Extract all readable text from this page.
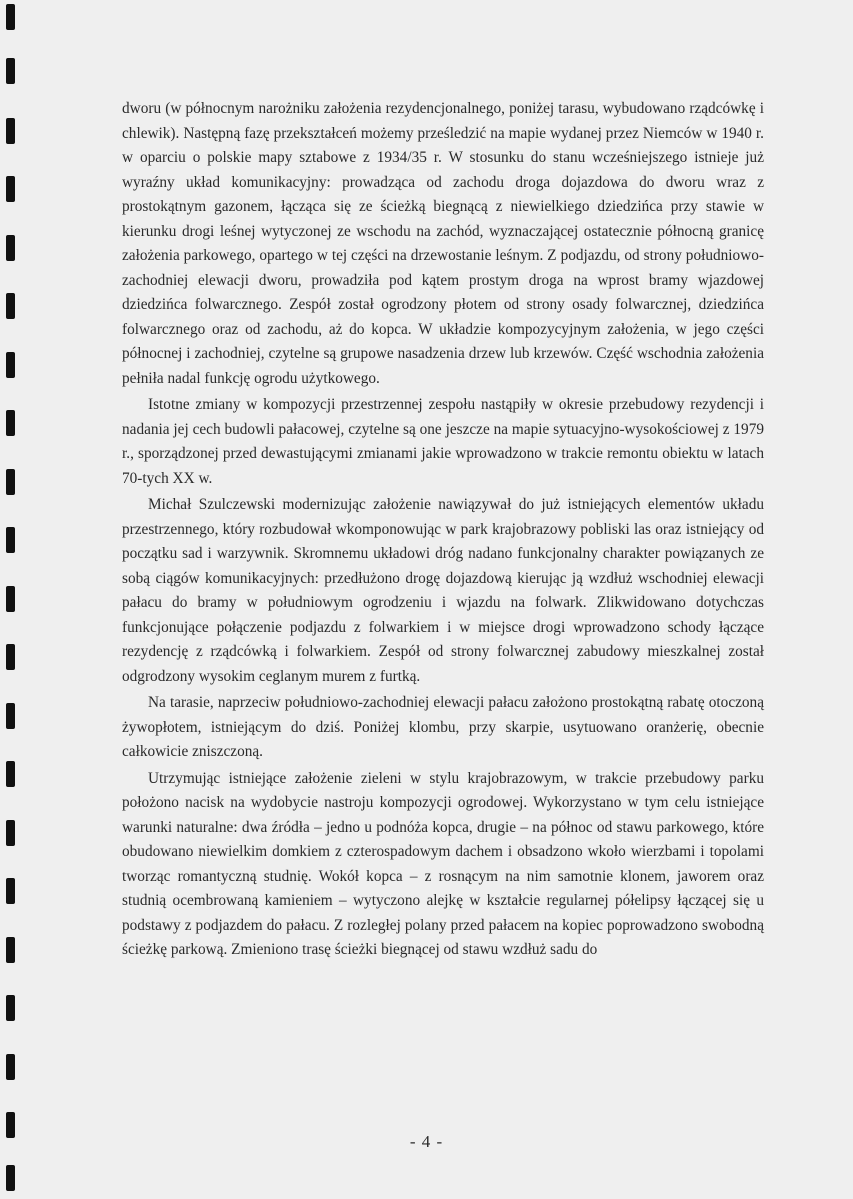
dworu (w północnym narożniku założenia rezydencjonalnego, poniżej tarasu, wybudowano rządcówkę i chlewik). Następną fazę przekształceń możemy prześledzić na mapie wydanej przez Niemców w 1940 r. w oparciu o polskie mapy sztabowe z 1934/35 r. W stosunku do stanu wcześniejszego istnieje już wyraźny układ komunikacyjny: prowadząca od zachodu droga dojazdowa do dworu wraz z prostokątnym gazonem, łącząca się ze ścieżką biegnącą z niewielkiego dziedzińca przy stawie w kierunku drogi leśnej wytyczonej ze wschodu na zachód, wyznaczającej ostatecznie północną granicę założenia parkowego, opartego w tej części na drzewostanie leśnym. Z podjazdu, od strony południowo-zachodniej elewacji dworu, prowadziła pod kątem prostym droga na wprost bramy wjazdowej dziedzińca folwarcznego. Zespół został ogrodzony płotem od strony osady folwarcznej, dziedzińca folwarcznego oraz od zachodu, aż do kopca. W układzie kompozycyjnym założenia, w jego części północnej i zachodniej, czytelne są grupowe nasadzenia drzew lub krzewów. Część wschodnia założenia pełniła nadal funkcję ogrodu użytkowego.

Istotne zmiany w kompozycji przestrzennej zespołu nastąpiły w okresie przebudowy rezydencji i nadania jej cech budowli pałacowej, czytelne są one jeszcze na mapie sytuacyjno-wysokościowej z 1979 r., sporządzonej przed dewastującymi zmianami jakie wprowadzono w trakcie remontu obiektu w latach 70-tych XX w.

Michał Szulczewski modernizując założenie nawiązywał do już istniejących elementów układu przestrzennego, który rozbudował wkomponowując w park krajobrazowy pobliski las oraz istniejący od początku sad i warzywnik. Skromnemu układowi dróg nadano funkcjonalny charakter powiązanych ze sobą ciągów komunikacyjnych: przedłużono drogę dojazdową kierując ją wzdłuż wschodniej elewacji pałacu do bramy w południowym ogrodzeniu i wjazdu na folwark. Zlikwidowano dotychczas funkcjonujące połączenie podjazdu z folwarkiem i w miejsce drogi wprowadzono schody łączące rezydencję z rządcówką i folwarkiem. Zespół od strony folwarcznej zabudowy mieszkalnej został odgrodzony wysokim ceglanym murem z furtką.

Na tarasie, naprzeciw południowo-zachodniej elewacji pałacu założono prostokątną rabatę otoczoną żywopłotem, istniejącym do dziś. Poniżej klombu, przy skarpie, usytuowano oranżerię, obecnie całkowicie zniszczoną.

Utrzymując istniejące założenie zieleni w stylu krajobrazowym, w trakcie przebudowy parku położono nacisk na wydobycie nastroju kompozycji ogrodowej. Wykorzystano w tym celu istniejące warunki naturalne: dwa źródła – jedno u podnóża kopca, drugie – na północ od stawu parkowego, które obudowano niewielkim domkiem z czterospadowym dachem i obsadzono wkoło wierzbami i topolami tworząc romantyczną studnię. Wokół kopca – z rosnącym na nim samotnie klonem, jaworem oraz studnią ocembrowaną kamieniem – wytyczono alejkę w kształcie regularnej półelipsy łączącej się u podstawy z podjazdem do pałacu. Z rozległej polany przed pałacem na kopiec poprowadzono swobodną ścieżkę parkową. Zmieniono trasę ścieżki biegnącej od stawu wzdłuż sadu do

- 4 -
